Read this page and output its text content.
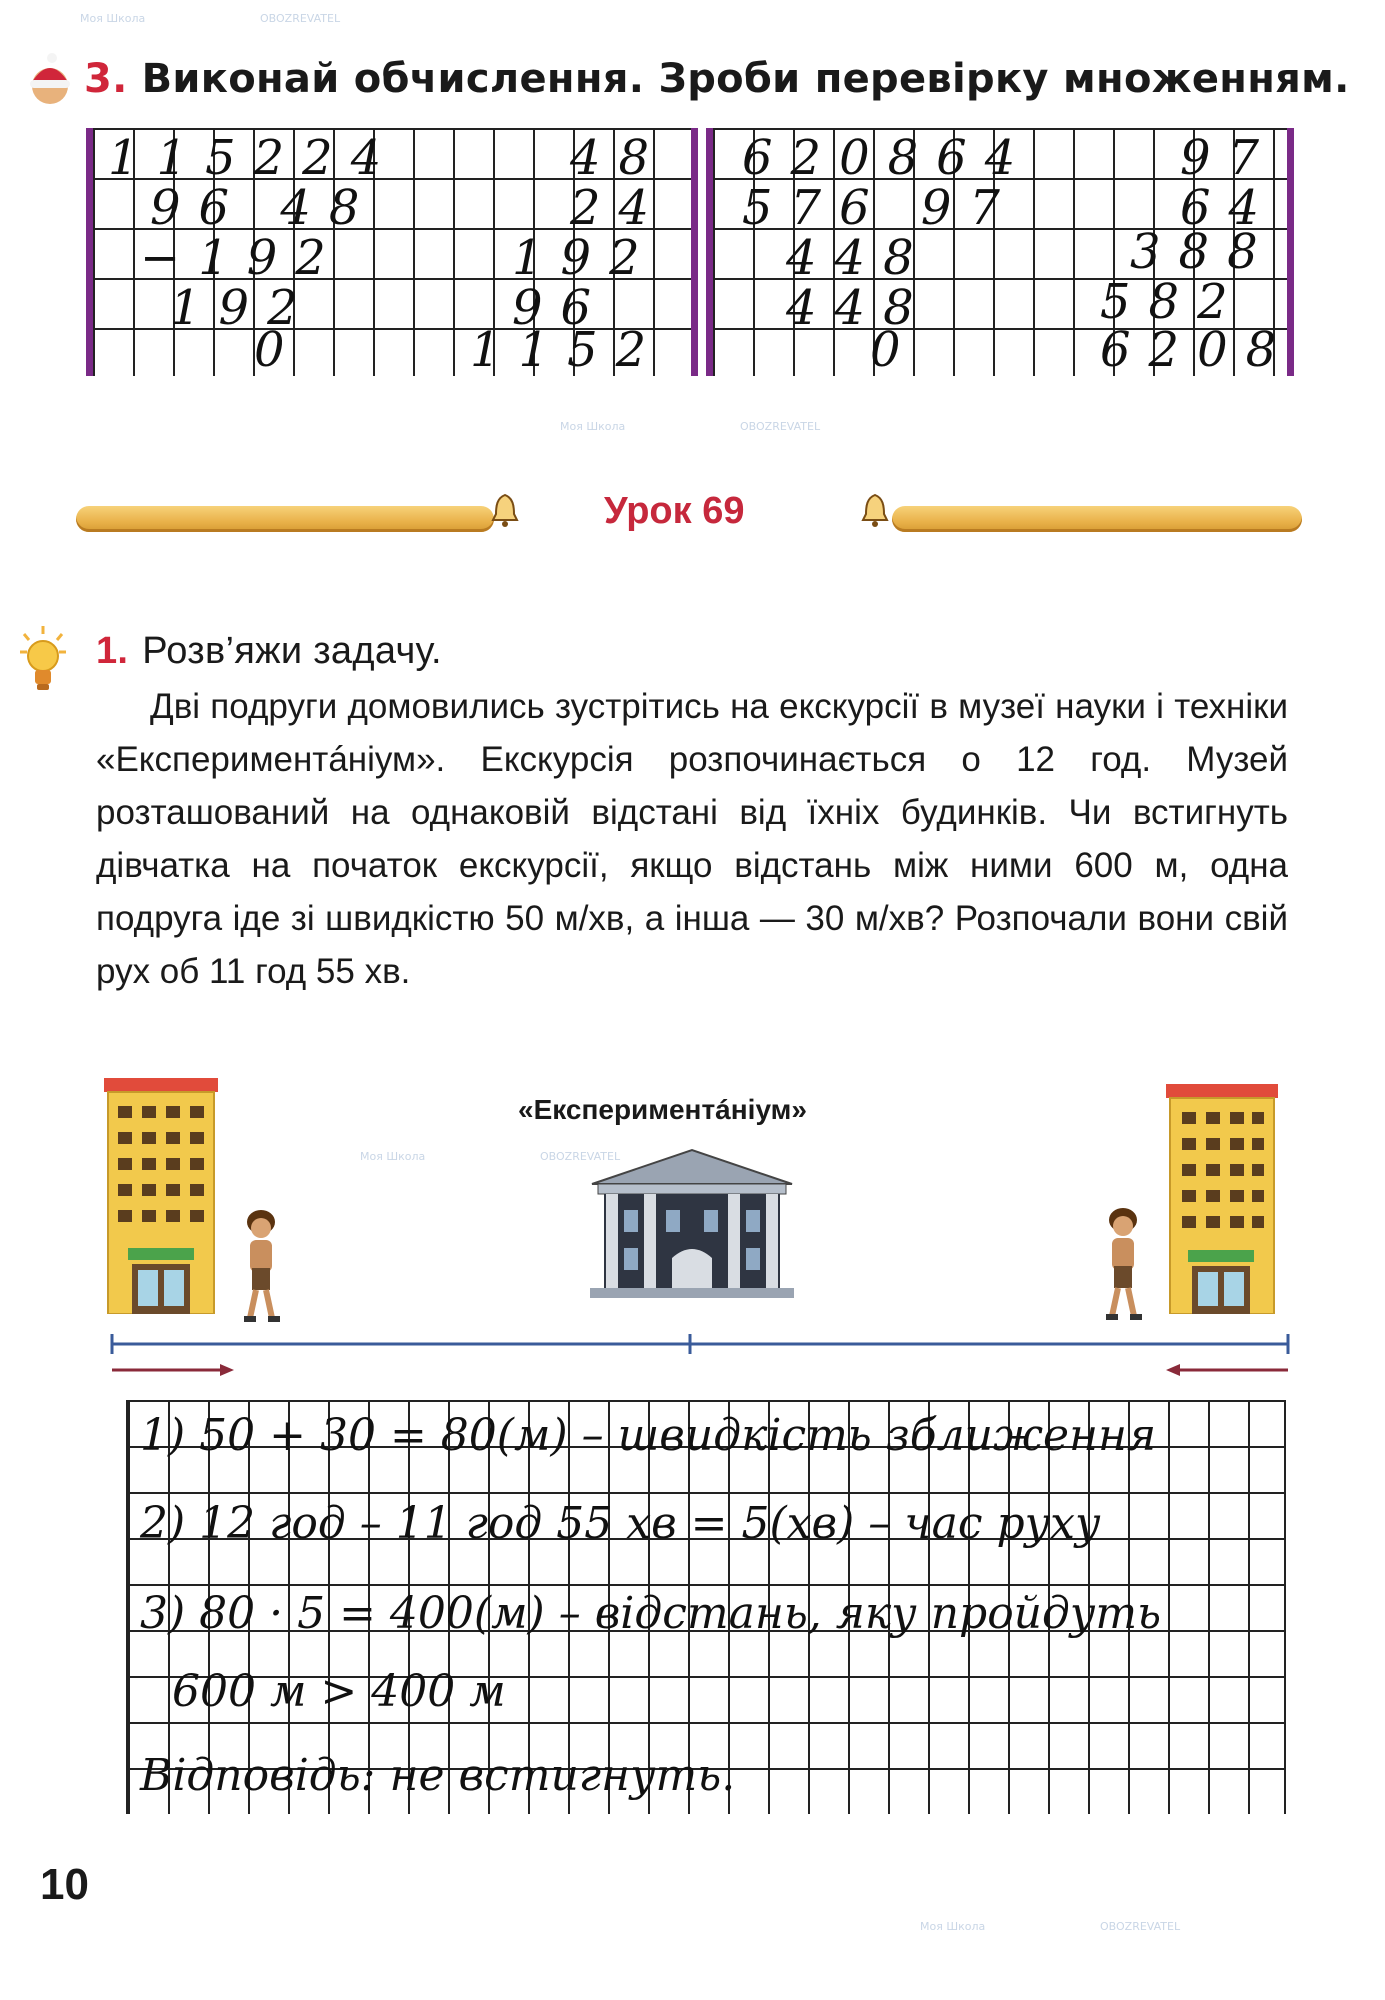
Моя Школа	OBOZREVATEL
Моя Школа	OBOZREVATEL
Моя Школа	OBOZREVATEL
Моя Школа	OBOZREVATEL
3. Виконай обчислення. Зроби перевірку множенням.
115224
96 48
−192
192
0
48
24
192
96
1152
620864
576 97
448
448
0
97
64
388
582
6208
Урок 69
1. Розв’яжи задачу.

Дві подруги домовились зустрітись на екскурсії в музеї науки і техніки «Експериментáніум». Екскурсія розпочинається о 12 год. Музей розташований на однаковій відстані від їхніх будинків. Чи встигнуть дівчатка на початок екскурсії, якщо відстань між ними 600 м, одна подруга іде зі швидкістю 50 м/хв, а інша — 30 м/хв? Розпочали вони свій рух об 11 год 55 хв.

«Експериментáніум»
1) 50 + 30 = 80(м) – швидкість зближення
2) 12 год – 11 год 55 хв = 5(хв) – час руху
3) 80 · 5 = 400(м) – відстань, яку пройдуть
600 м > 400 м
Відповідь: не встигнуть.
10
